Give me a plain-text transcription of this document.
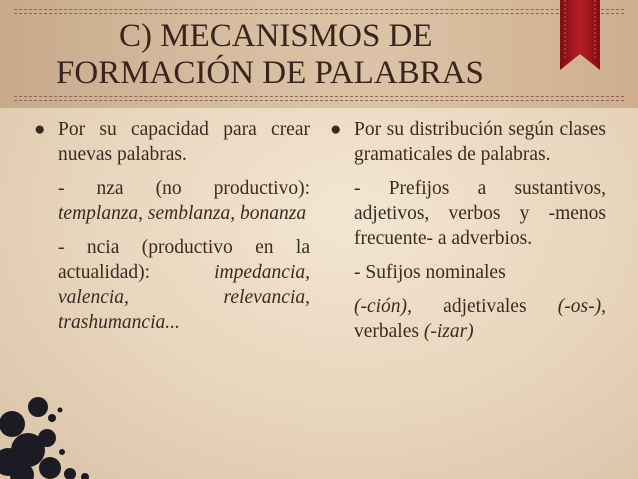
C) MECANISMOS DE
FORMACIÓN DE PALABRAS

● Por su capacidad para crear nuevas palabras.

- nza (no productivo): templanza, semblanza, bonanza

- ncia (productivo en la actualidad): impedancia, valencia, relevancia, trashumancia...

● Por su distribución según clases gramaticales de palabras.

- Prefijos a sustantivos, adjetivos, verbos y -menos frecuente- a adverbios.

- Sufijos nominales

(-ción), adjetivales (-os-), verbales (-izar)
